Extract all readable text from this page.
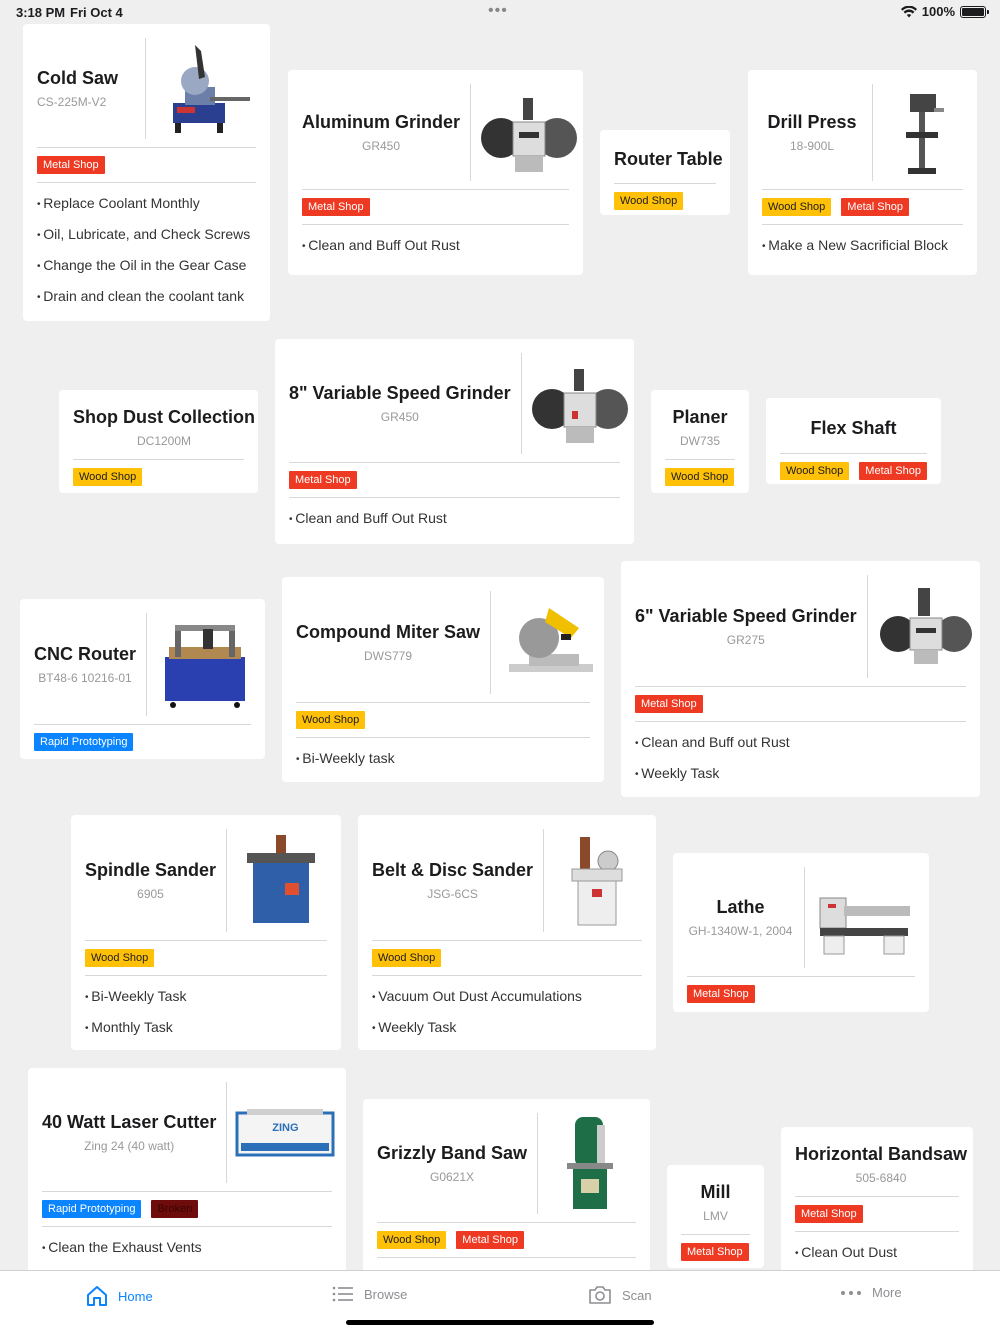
3:18 PM Fri Oct 4	•••	100%
Cold Saw
CS-225M-V2
Metal Shop
• Replace Coolant Monthly
• Oil, Lubricate, and Check Screws
• Change the Oil in the Gear Case
• Drain and clean the coolant tank
Aluminum Grinder
GR450
Metal Shop
• Clean and Buff Out Rust
Router Table
Wood Shop
Drill Press
18-900L
Wood Shop	Metal Shop
• Make a New Sacrificial Block
Shop Dust Collection
DC1200M
Wood Shop
8" Variable Speed Grinder
GR450
Metal Shop
• Clean and Buff Out Rust
Planer
DW735
Wood Shop
Flex Shaft
Wood Shop	Metal Shop
CNC Router
BT48-6 10216-01
Rapid Prototyping
Compound Miter Saw
DWS779
Wood Shop
• Bi-Weekly task
6" Variable Speed Grinder
GR275
Metal Shop
• Clean and Buff out Rust
• Weekly Task
Spindle Sander
6905
Wood Shop
• Bi-Weekly Task
• Monthly Task
Belt & Disc Sander
JSG-6CS
Wood Shop
• Vacuum Out Dust Accumulations
• Weekly Task
Lathe
GH-1340W-1, 2004
Metal Shop
40 Watt Laser Cutter
Zing 24 (40 watt)
ZING
Rapid Prototyping	Broken
• Clean the Exhaust Vents
Grizzly Band Saw
G0621X
Wood Shop	Metal Shop
Mill
LMV
Metal Shop
Horizontal Bandsaw
505-6840
Metal Shop
• Clean Out Dust
Home	Browse	Scan	More
